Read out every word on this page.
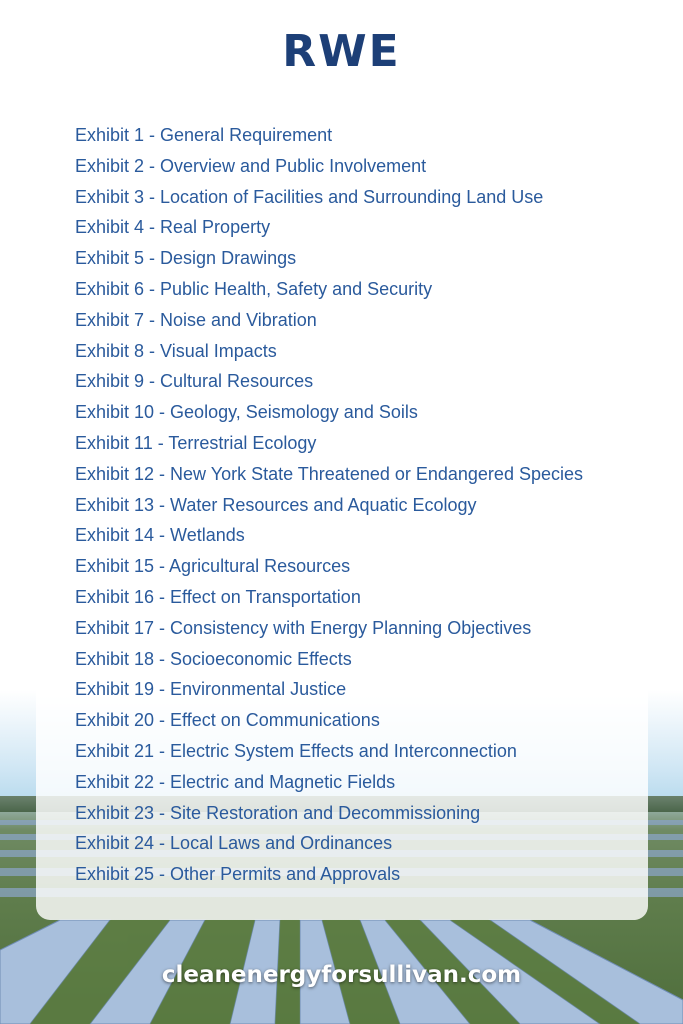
RWE
Exhibit 1 - General Requirement
Exhibit 2 - Overview and Public Involvement
Exhibit 3 - Location of Facilities and Surrounding Land Use
Exhibit 4 - Real Property
Exhibit 5 - Design Drawings
Exhibit 6 - Public Health, Safety and Security
Exhibit 7 - Noise and Vibration
Exhibit 8 - Visual Impacts
Exhibit 9 - Cultural Resources
Exhibit 10 - Geology, Seismology and Soils
Exhibit 11 - Terrestrial Ecology
Exhibit 12 - New York State Threatened or Endangered Species
Exhibit 13 - Water Resources and Aquatic Ecology
Exhibit 14 - Wetlands
Exhibit 15 - Agricultural Resources
Exhibit 16 - Effect on Transportation
Exhibit 17 - Consistency with Energy Planning Objectives
Exhibit 18 - Socioeconomic Effects
Exhibit 19 - Environmental Justice
Exhibit 20 - Effect on Communications
Exhibit 21 - Electric System Effects and Interconnection
Exhibit 22 - Electric and Magnetic Fields
Exhibit 23 - Site Restoration and Decommissioning
Exhibit 24 - Local Laws and Ordinances
Exhibit 25 - Other Permits and Approvals
cleanenergyforsullivan.com
